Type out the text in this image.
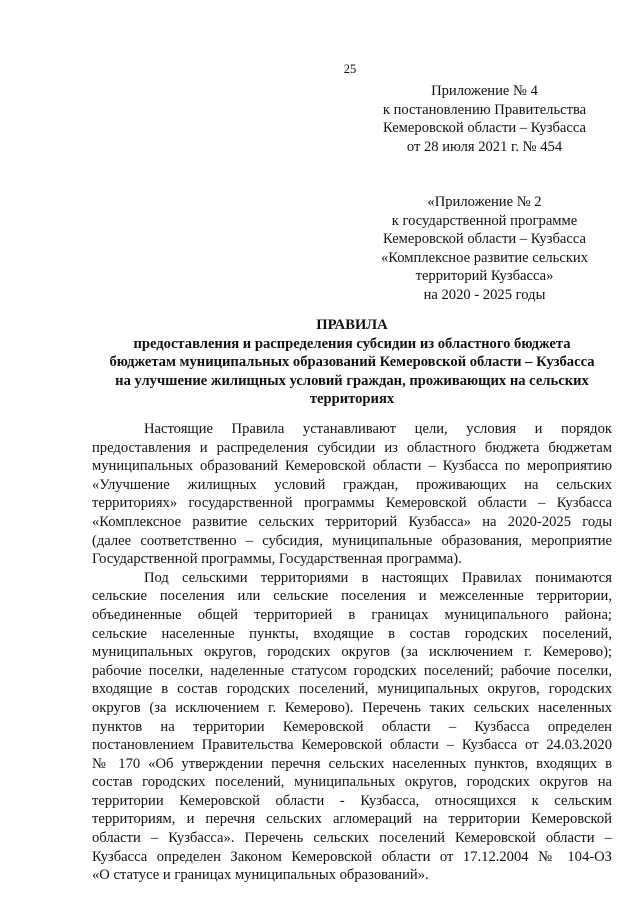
25
Приложение № 4
к постановлению Правительства
Кемеровской области – Кузбасса
от 28 июля 2021 г. № 454
«Приложение № 2
к государственной программе
Кемеровской области – Кузбасса
«Комплексное развитие сельских
территорий Кузбасса»
на 2020 - 2025 годы
ПРАВИЛА
предоставления и распределения субсидии из областного бюджета
бюджетам муниципальных образований Кемеровской области – Кузбасса
на улучшение жилищных условий граждан, проживающих на сельских
территориях
Настоящие Правила устанавливают цели, условия и порядок
предоставления и распределения субсидии из областного бюджета бюджетам
муниципальных образований Кемеровской области – Кузбасса по мероприятию
«Улучшение жилищных условий граждан, проживающих на сельских
территориях» государственной программы Кемеровской области – Кузбасса
«Комплексное развитие сельских территорий Кузбасса» на 2020-2025 годы
(далее соответственно – субсидия, муниципальные образования, мероприятие
Государственной программы, Государственная программа).
Под сельскими территориями в настоящих Правилах понимаются
сельские поселения или сельские поселения и межселенные территории,
объединенные общей территорией в границах муниципального района;
сельские населенные пункты, входящие в состав городских поселений,
муниципальных округов, городских округов (за исключением г. Кемерово);
рабочие поселки, наделенные статусом городских поселений; рабочие поселки,
входящие в состав городских поселений, муниципальных округов, городских
округов (за исключением г. Кемерово). Перечень таких сельских населенных
пунктов на территории Кемеровской области – Кузбасса определен
постановлением Правительства Кемеровской области – Кузбасса от 24.03.2020
№ 170 «Об утверждении перечня сельских населенных пунктов, входящих в
состав городских поселений, муниципальных округов, городских округов на
территории Кемеровской области - Кузбасса, относящихся к сельским
территориям, и перечня сельских агломераций на территории Кемеровской
области – Кузбасса». Перечень сельских поселений Кемеровской области –
Кузбасса определен Законом Кемеровской области от 17.12.2004 № 104-ОЗ
«О статусе и границах муниципальных образований».
